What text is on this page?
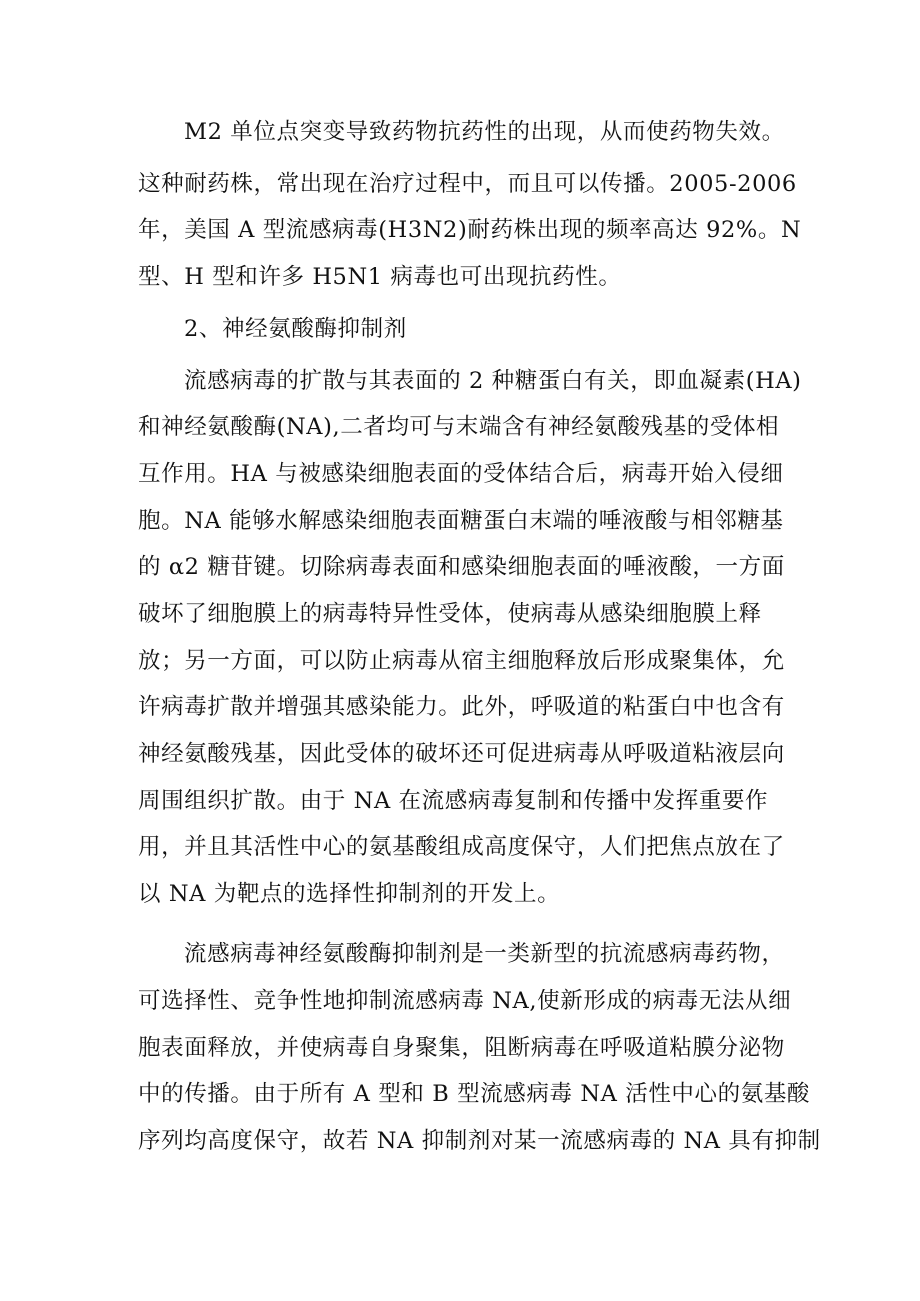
M2 单位点突变导致药物抗药性的出现，从而使药物失效。
这种耐药株，常出现在治疗过程中，而且可以传播。2005-2006
年，美国 A 型流感病毒(H3N2)耐药株出现的频率高达 92%。N
型、H 型和许多 H5N1 病毒也可出现抗药性。
2、神经氨酸酶抑制剂
流感病毒的扩散与其表面的 2 种糖蛋白有关，即血凝素(HA)
和神经氨酸酶(NA),二者均可与末端含有神经氨酸残基的受体相
互作用。HA 与被感染细胞表面的受体结合后，病毒开始入侵细
胞。NA 能够水解感染细胞表面糖蛋白末端的唾液酸与相邻糖基
的 α2 糖苷键。切除病毒表面和感染细胞表面的唾液酸，一方面
破坏了细胞膜上的病毒特异性受体，使病毒从感染细胞膜上释
放；另一方面，可以防止病毒从宿主细胞释放后形成聚集体，允
许病毒扩散并增强其感染能力。此外，呼吸道的粘蛋白中也含有
神经氨酸残基，因此受体的破坏还可促进病毒从呼吸道粘液层向
周围组织扩散。由于 NA 在流感病毒复制和传播中发挥重要作
用，并且其活性中心的氨基酸组成高度保守，人们把焦点放在了
以 NA 为靶点的选择性抑制剂的开发上。
流感病毒神经氨酸酶抑制剂是一类新型的抗流感病毒药物，
可选择性、竞争性地抑制流感病毒 NA,使新形成的病毒无法从细
胞表面释放，并使病毒自身聚集，阻断病毒在呼吸道粘膜分泌物
中的传播。由于所有 A 型和 B 型流感病毒 NA 活性中心的氨基酸
序列均高度保守，故若 NA 抑制剂对某一流感病毒的 NA 具有抑制
